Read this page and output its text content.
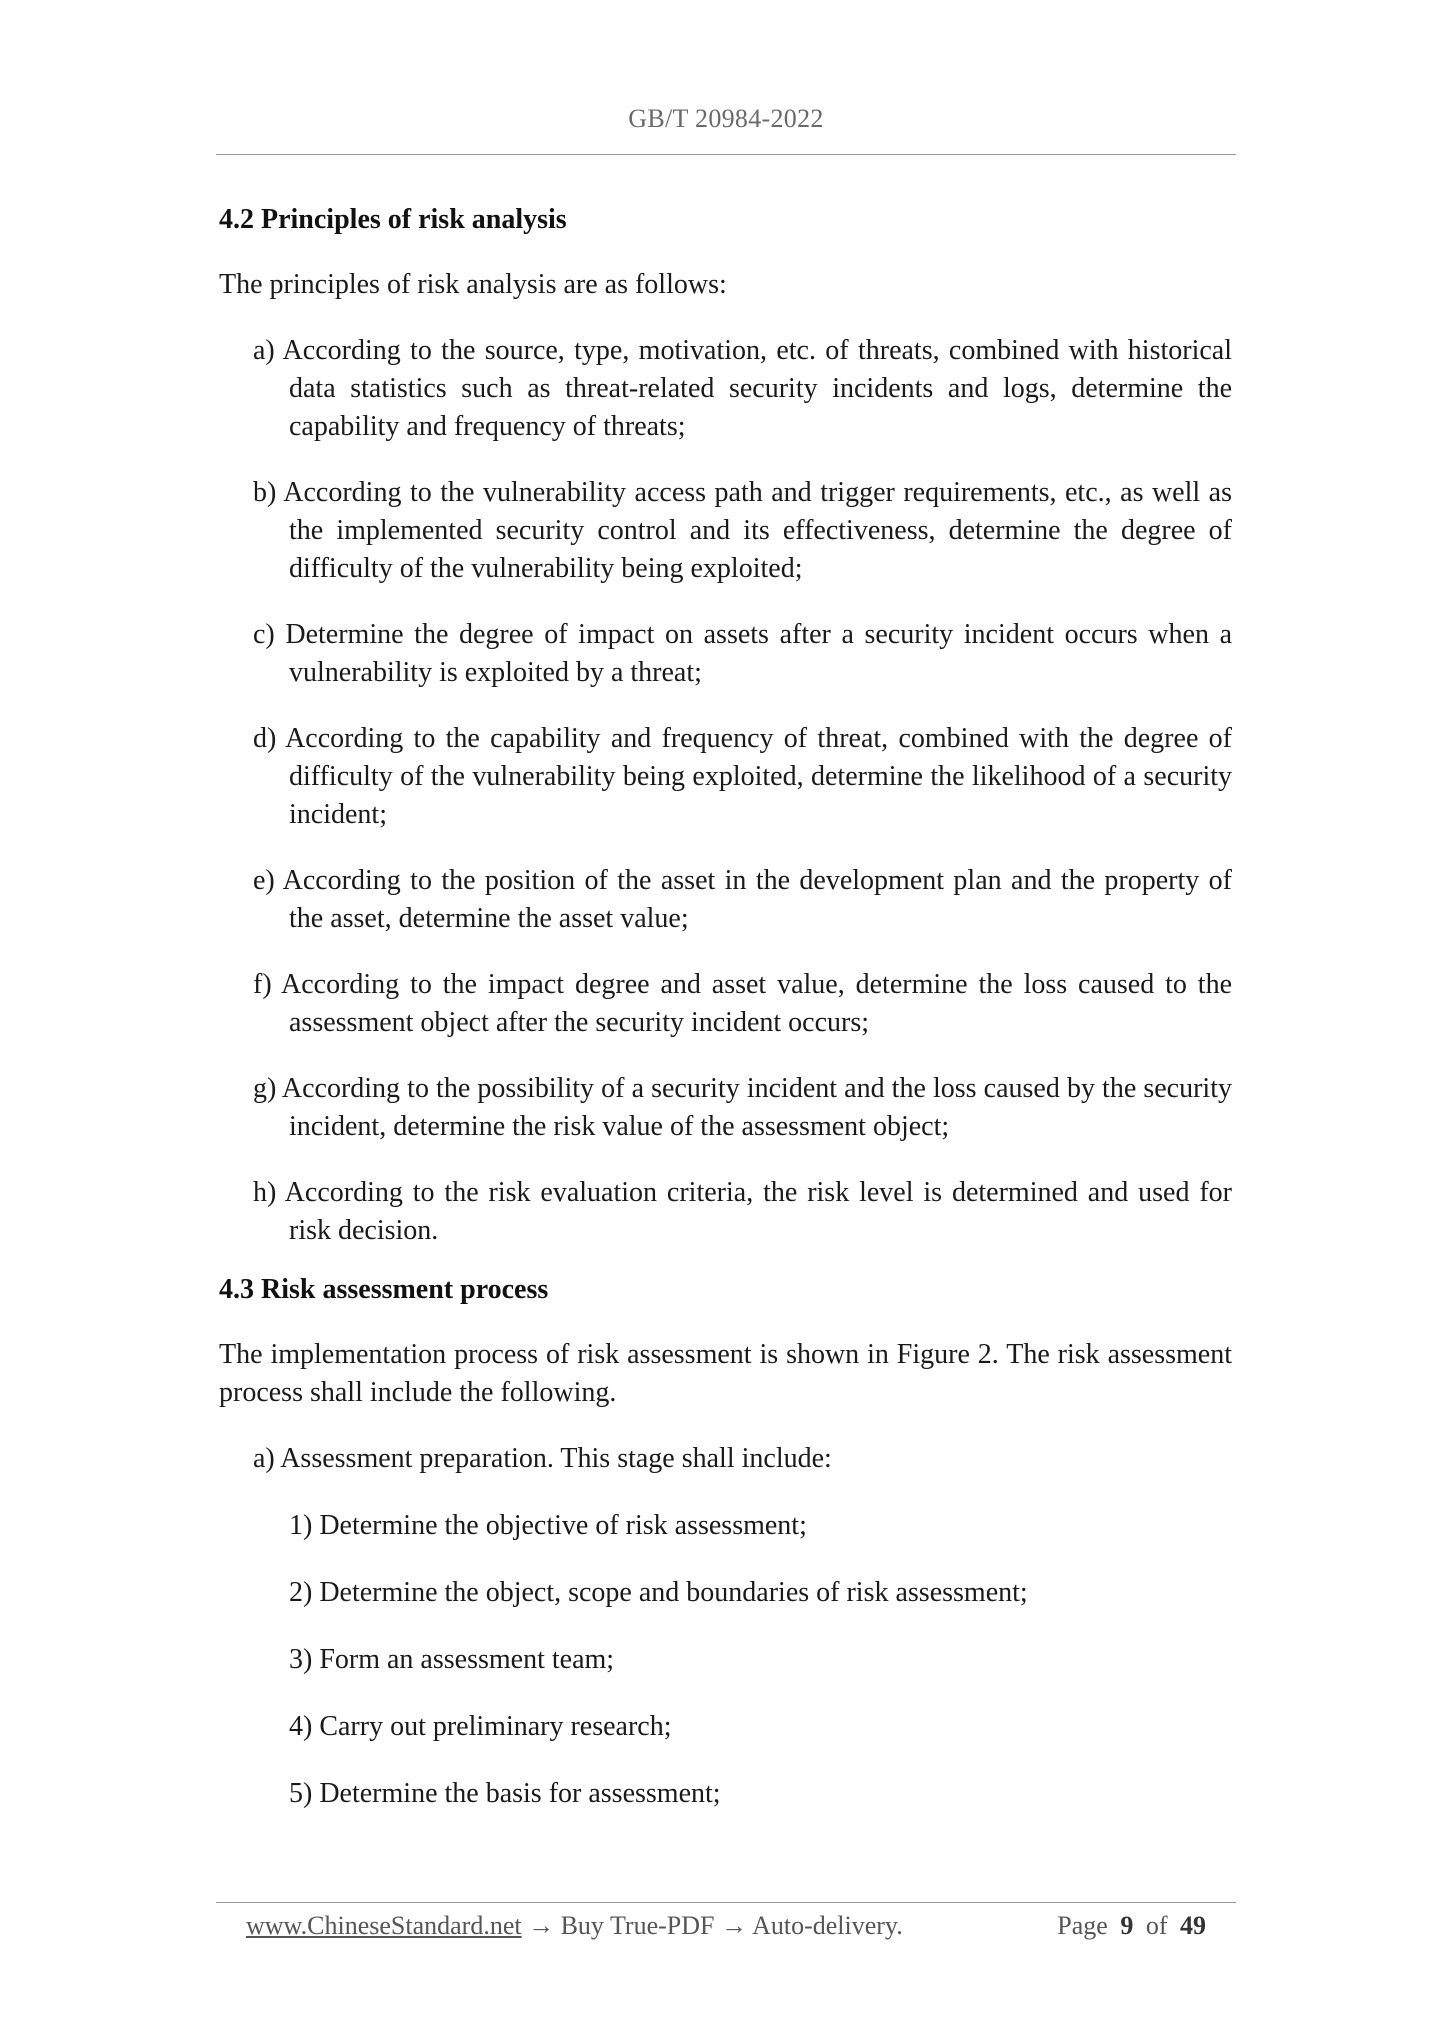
GB/T 20984-2022
4.2 Principles of risk analysis

The principles of risk analysis are as follows:

a) According to the source, type, motivation, etc. of threats, combined with historical data statistics such as threat-related security incidents and logs, determine the capability and frequency of threats;
b) According to the vulnerability access path and trigger requirements, etc., as well as the implemented security control and its effectiveness, determine the degree of difficulty of the vulnerability being exploited;
c) Determine the degree of impact on assets after a security incident occurs when a vulnerability is exploited by a threat;
d) According to the capability and frequency of threat, combined with the degree of difficulty of the vulnerability being exploited, determine the likelihood of a security incident;
e) According to the position of the asset in the development plan and the property of the asset, determine the asset value;
f) According to the impact degree and asset value, determine the loss caused to the assessment object after the security incident occurs;
g) According to the possibility of a security incident and the loss caused by the security incident, determine the risk value of the assessment object;
h) According to the risk evaluation criteria, the risk level is determined and used for risk decision.
4.3 Risk assessment process

The implementation process of risk assessment is shown in Figure 2. The risk assessment process shall include the following.

a) Assessment preparation. This stage shall include:
1) Determine the objective of risk assessment;
2) Determine the object, scope and boundaries of risk assessment;
3) Form an assessment team;
4) Carry out preliminary research;
5) Determine the basis for assessment;
www.ChineseStandard.net → Buy True-PDF → Auto-delivery.	Page 9 of 49
